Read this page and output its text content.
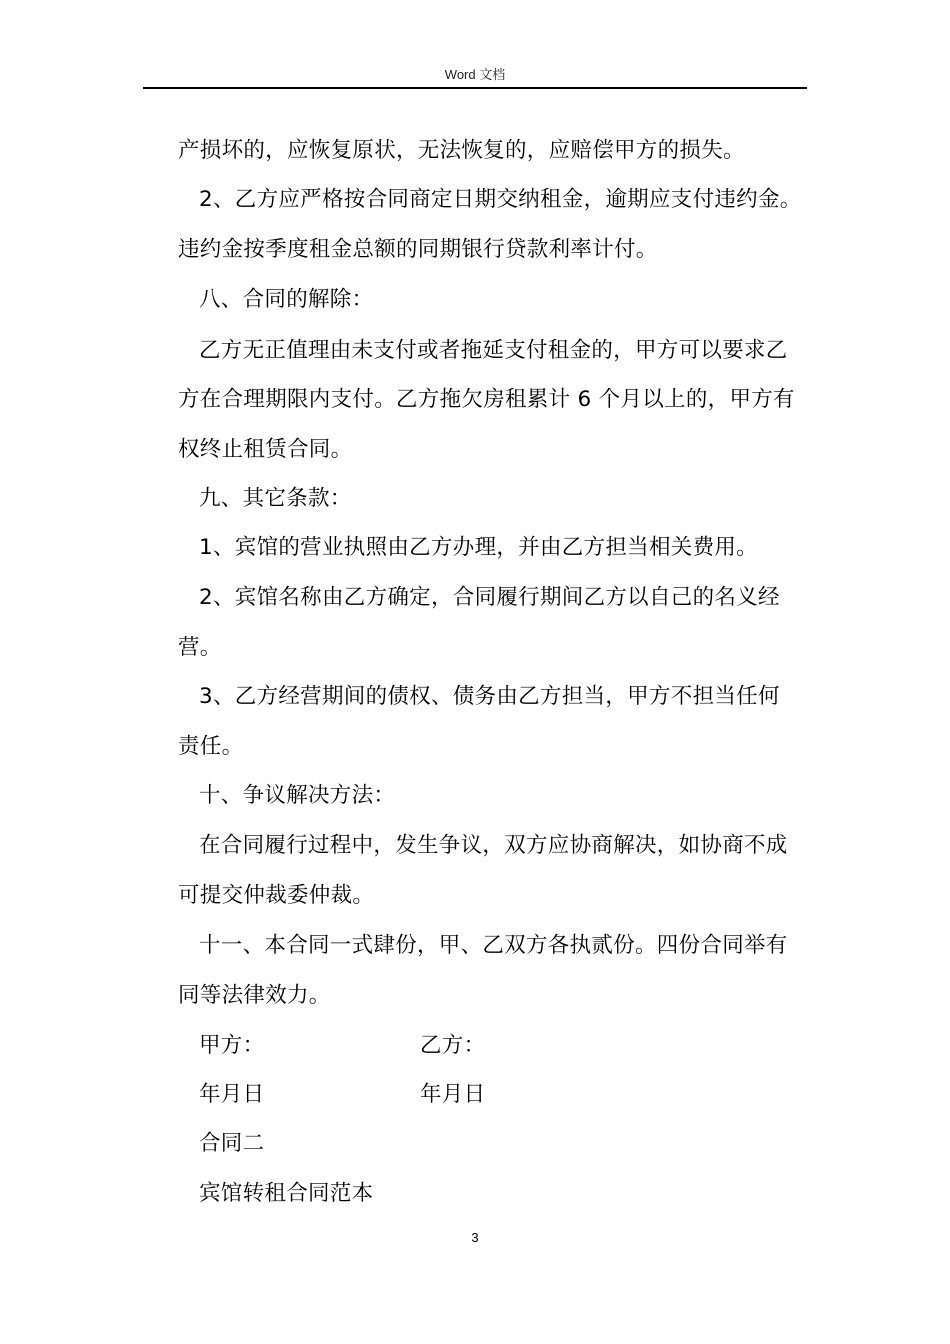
Word 文档
产损坏的，应恢复原状，无法恢复的，应赔偿甲方的损失。
2、乙方应严格按合同商定日期交纳租金，逾期应支付违约金。
违约金按季度租金总额的同期银行贷款利率计付。
八、合同的解除：
乙方无正值理由未支付或者拖延支付租金的，甲方可以要求乙
方在合理期限内支付。乙方拖欠房租累计 6 个月以上的，甲方有
权终止租赁合同。
九、其它条款：
1、宾馆的营业执照由乙方办理，并由乙方担当相关费用。
2、宾馆名称由乙方确定，合同履行期间乙方以自己的名义经
营。
3、乙方经营期间的债权、债务由乙方担当，甲方不担当任何
责任。
十、争议解决方法：
在合同履行过程中，发生争议，双方应协商解决，如协商不成
可提交仲裁委仲裁。
十一、本合同一式肆份，甲、乙双方各执贰份。四份合同举有
同等法律效力。
甲方：	乙方：
年月日	年月日
合同二
宾馆转租合同范本
3
